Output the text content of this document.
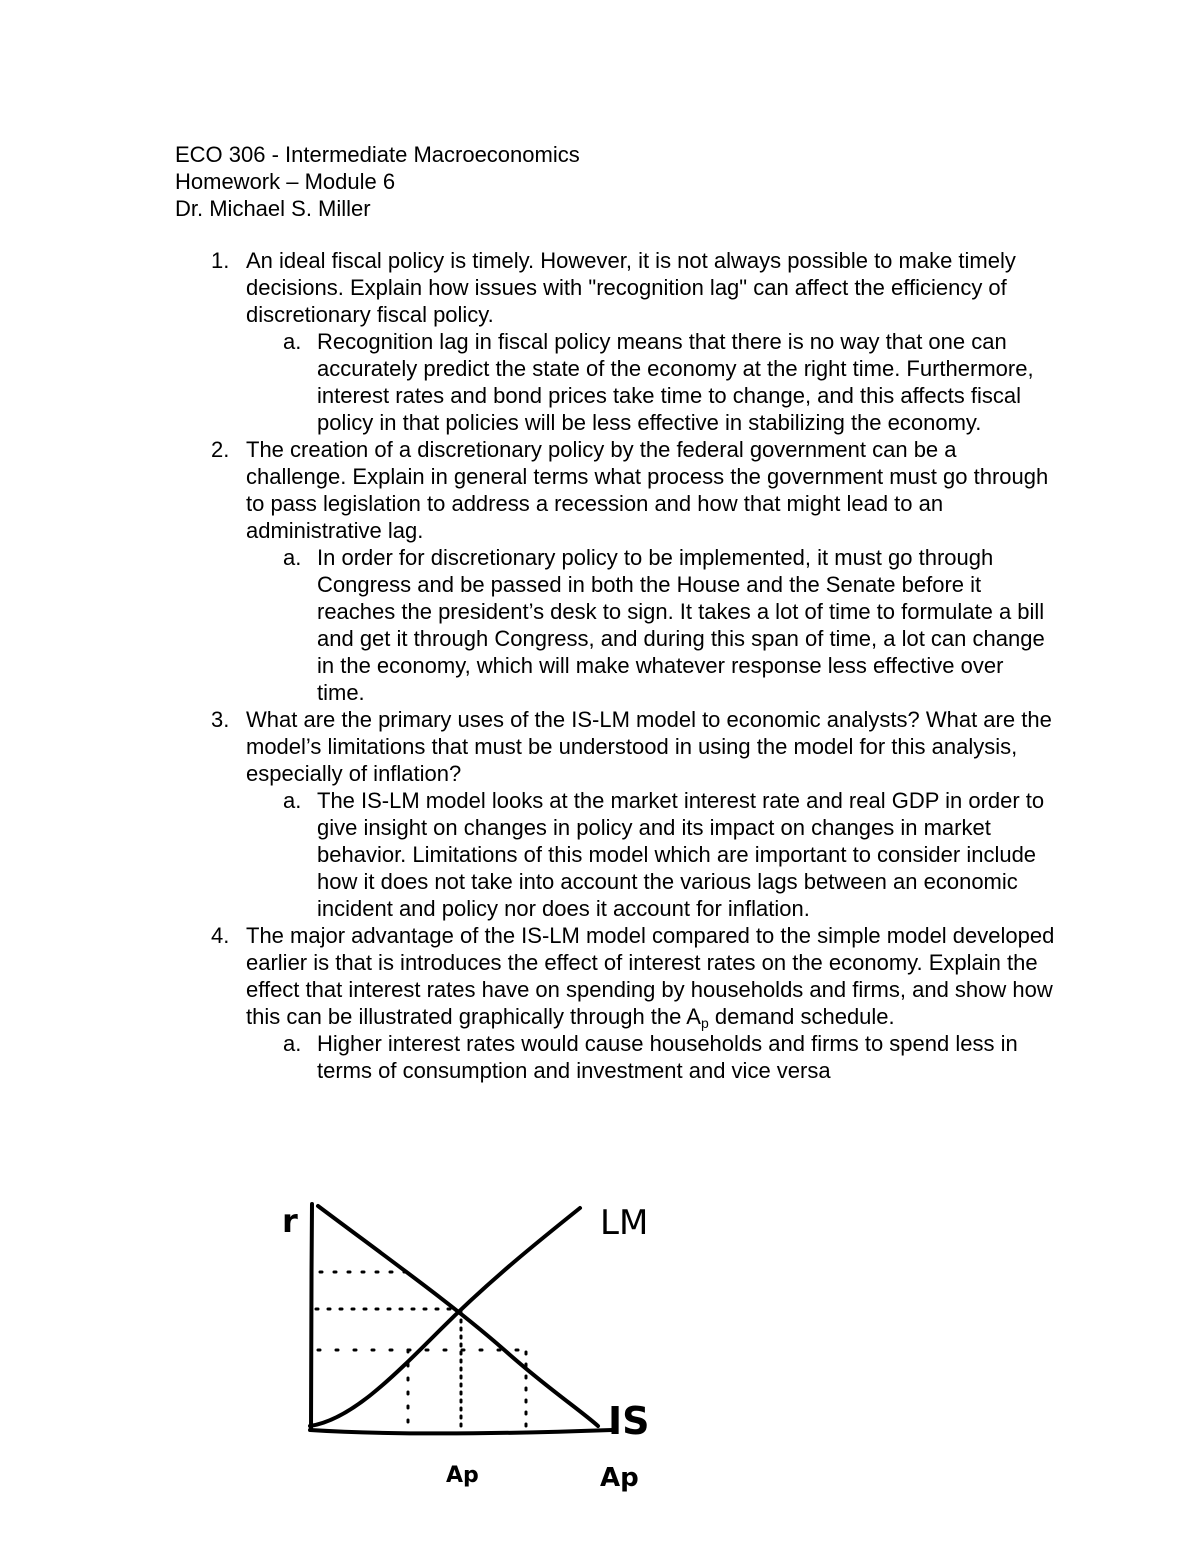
ECO 306 - Intermediate Macroeconomics
Homework – Module 6
Dr. Michael S. Miller
1. An ideal fiscal policy is timely. However, it is not always possible to make timely decisions. Explain how issues with "recognition lag" can affect the efficiency of discretionary fiscal policy.
a. Recognition lag in fiscal policy means that there is no way that one can accurately predict the state of the economy at the right time. Furthermore, interest rates and bond prices take time to change, and this affects fiscal policy in that policies will be less effective in stabilizing the economy.
2. The creation of a discretionary policy by the federal government can be a challenge. Explain in general terms what process the government must go through to pass legislation to address a recession and how that might lead to an administrative lag.
a. In order for discretionary policy to be implemented, it must go through Congress and be passed in both the House and the Senate before it reaches the president’s desk to sign. It takes a lot of time to formulate a bill and get it through Congress, and during this span of time, a lot can change in the economy, which will make whatever response less effective over time.
3. What are the primary uses of the IS-LM model to economic analysts? What are the model’s limitations that must be understood in using the model for this analysis, especially of inflation?
a. The IS-LM model looks at the market interest rate and real GDP in order to give insight on changes in policy and its impact on changes in market behavior. Limitations of this model which are important to consider include how it does not take into account the various lags between an economic incident and policy nor does it account for inflation.
4. The major advantage of the IS-LM model compared to the simple model developed earlier is that is introduces the effect of interest rates on the economy. Explain the effect that interest rates have on spending by households and firms, and show how this can be illustrated graphically through the $A_p$ demand schedule.
a. Higher interest rates would cause households and firms to spend less in terms of consumption and investment and vice versa
r	LM
IS
Ap	Ap
